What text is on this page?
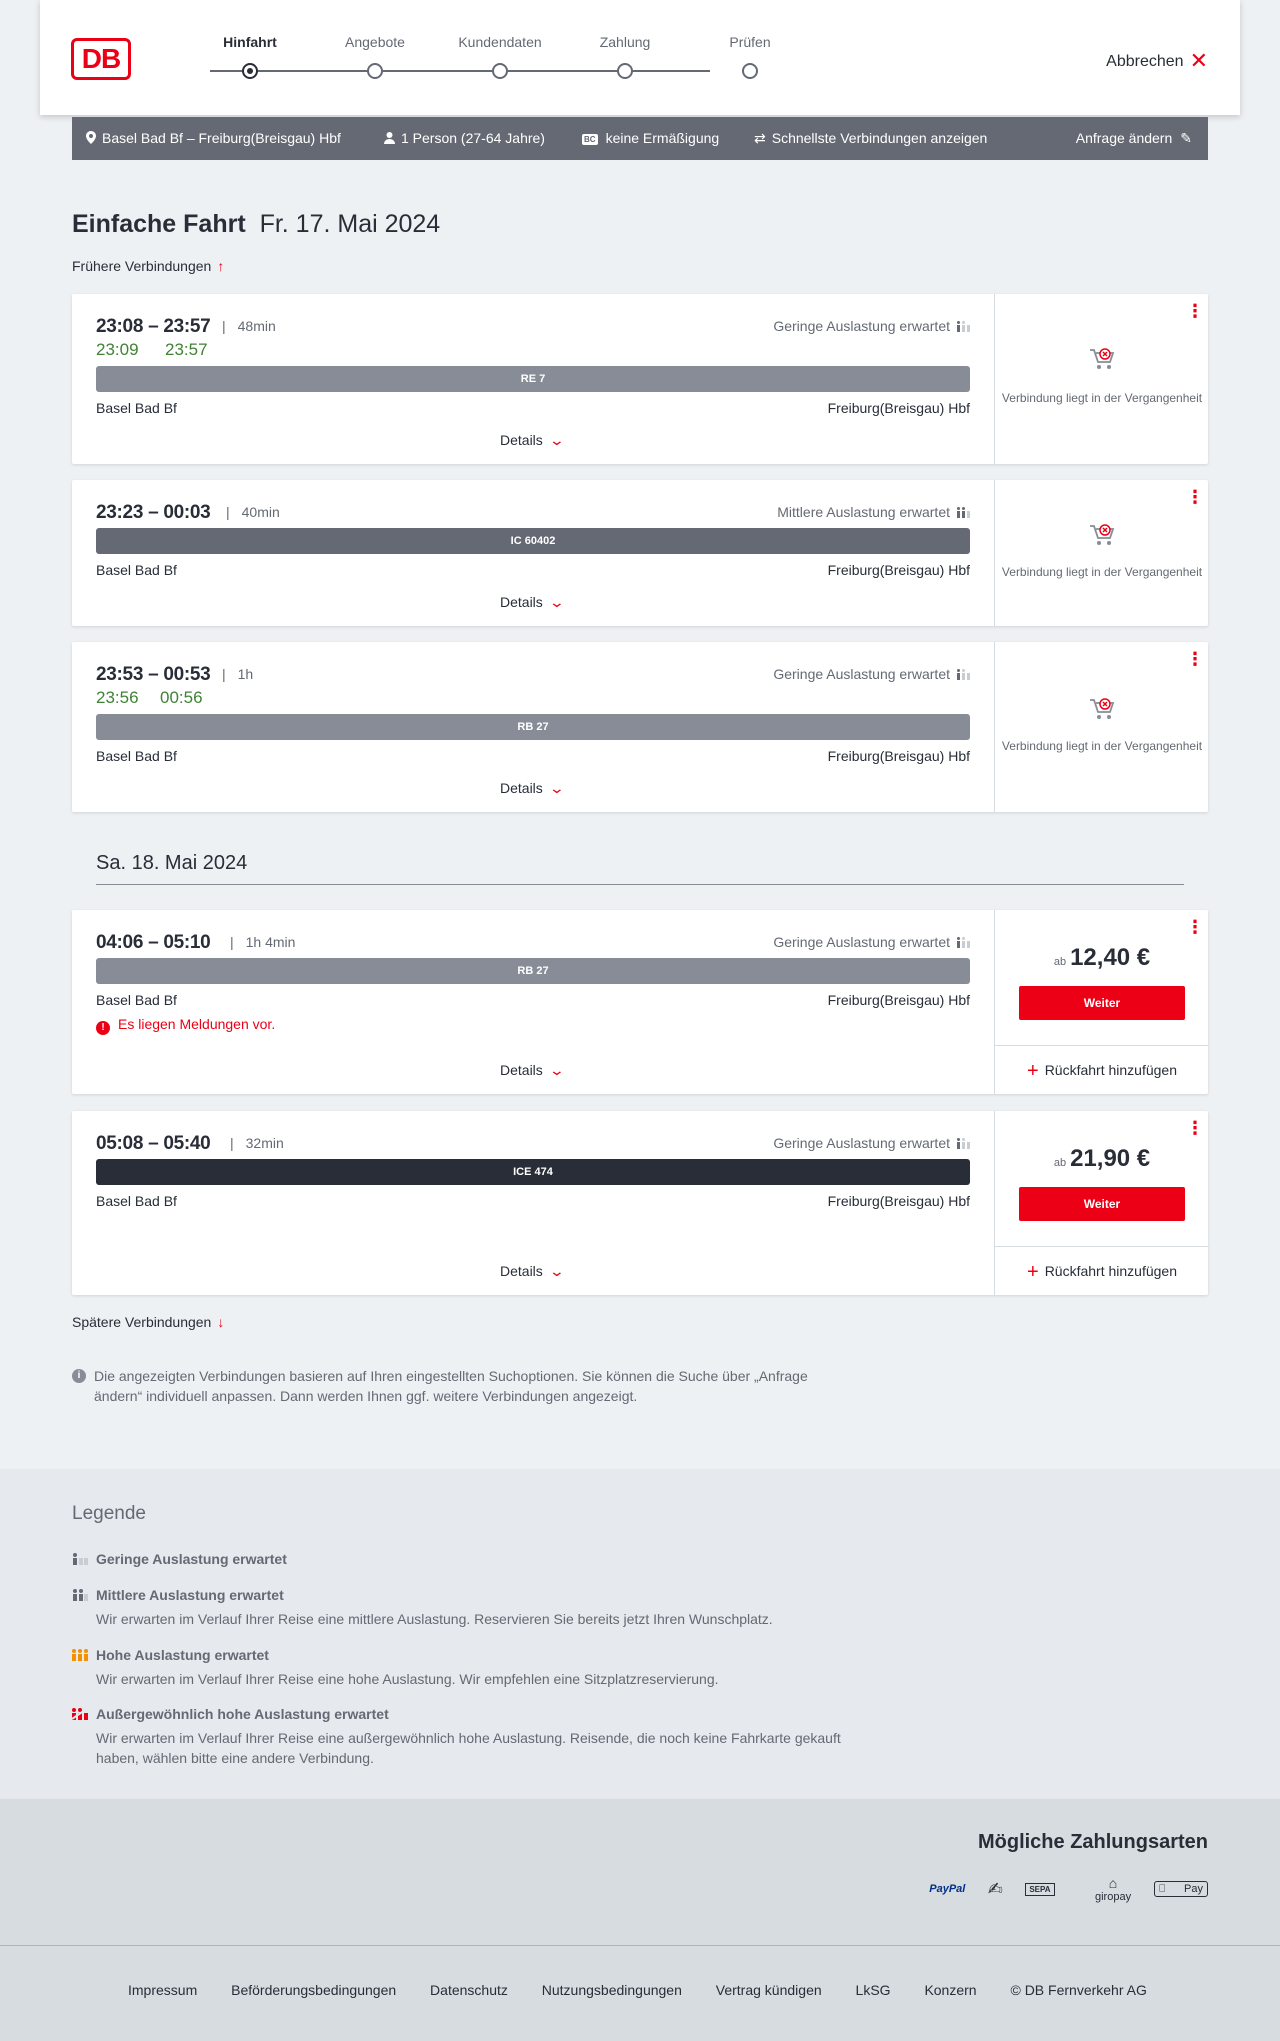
DB
Hinfahrt	Angebote	Kundendaten	Zahlung	Prüfen
Abbrechen ✕
Basel Bad Bf – Freiburg(Breisgau) Hbf	1 Person (27-64 Jahre)	BC keine Ermäßigung ⇄ Schnellste Verbindungen anzeigen	Anfrage ändern ✎
Einfache Fahrt Fr. 17. Mai 2024
Frühere Verbindungen ↑
23:08 – 23:57 | 48min
23:09 23:57
Geringe Auslastung erwartet
RE 7
Basel Bad Bf	Freiburg(Breisgau) Hbf
Details ⌄
⋮
Verbindung liegt in der Vergangenheit
23:23 – 00:03 | 40min	Mittlere Auslastung erwartet
IC 60402
Basel Bad Bf	Freiburg(Breisgau) Hbf
Details ⌄
⋮
Verbindung liegt in der Vergangenheit
23:53 – 00:53 | 1h
23:56 00:56
Geringe Auslastung erwartet
RB 27
Basel Bad Bf	Freiburg(Breisgau) Hbf
Details ⌄
⋮
Verbindung liegt in der Vergangenheit
Sa. 18. Mai 2024
04:06 – 05:10 | 1h 4min	Geringe Auslastung erwartet
RB 27
Basel Bad Bf	Freiburg(Breisgau) Hbf
! Es liegen Meldungen vor.
Details ⌄
⋮
ab 12,40 €
Weiter
+ Rückfahrt hinzufügen
05:08 – 05:40 | 32min	Geringe Auslastung erwartet
ICE 474
Basel Bad Bf	Freiburg(Breisgau) Hbf
Details ⌄
⋮
ab 21,90 €
Weiter
+ Rückfahrt hinzufügen
Spätere Verbindungen ↓
i Die angezeigten Verbindungen basieren auf Ihren eingestellten Suchoptionen. Sie können die Suche über „Anfrage ändern“ individuell anpassen. Dann werden Ihnen ggf. weitere Verbindungen angezeigt.
Legende
Geringe Auslastung erwartet
Mittlere Auslastung erwartet
Wir erwarten im Verlauf Ihrer Reise eine mittlere Auslastung. Reservieren Sie bereits jetzt Ihren Wunschplatz.
Hohe Auslastung erwartet
Wir erwarten im Verlauf Ihrer Reise eine hohe Auslastung. Wir empfehlen eine Sitzplatzreservierung.
Außergewöhnlich hohe Auslastung erwartet
Wir erwarten im Verlauf Ihrer Reise eine außergewöhnlich hohe Auslastung. Reisende, die noch keine Fahrkarte gekauft haben, wählen bitte eine andere Verbindung.
Mögliche Zahlungsarten
PayPal ✍	SEPA	⌂
giropay Pay
Impressum Beförderungsbedingungen Datenschutz Nutzungsbedingungen Vertrag kündigen LkSG Konzern © DB Fernverkehr AG
